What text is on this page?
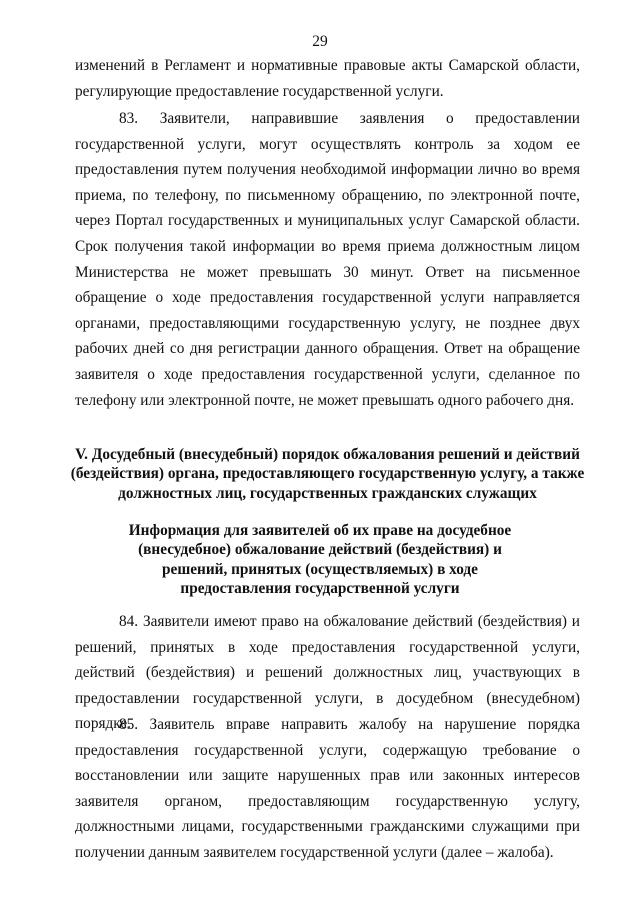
29

изменений в Регламент и нормативные правовые акты Самарской области, регулирующие предоставление государственной услуги.

83. Заявители, направившие заявления о предоставлении государственной услуги, могут осуществлять контроль за ходом ее предоставления путем получения необходимой информации лично во время приема, по телефону, по письменному обращению, по электронной почте, через Портал государственных и муниципальных услуг Самарской области. Срок получения такой информации во время приема должностным лицом Министерства не может превышать 30 минут. Ответ на письменное обращение о ходе предоставления государственной услуги направляется органами, предоставляющими государственную услугу, не позднее двух рабочих дней со дня регистрации данного обращения. Ответ на обращение заявителя о ходе предоставления государственной услуги, сделанное по телефону или электронной почте, не может превышать одного рабочего дня.

V. Досудебный (внесудебный) порядок обжалования решений и действий (бездействия) органа, предоставляющего государственную услугу, а также должностных лиц, государственных гражданских служащих

Информация для заявителей об их праве на досудебное (внесудебное) обжалование действий (бездействия) и решений, принятых (осуществляемых) в ходе предоставления государственной услуги

84. Заявители имеют право на обжалование действий (бездействия) и решений, принятых в ходе предоставления государственной услуги, действий (бездействия) и решений должностных лиц, участвующих в предоставлении государственной услуги, в досудебном (внесудебном) порядке.

85. Заявитель вправе направить жалобу на нарушение порядка предоставления государственной услуги, содержащую требование о восстановлении или защите нарушенных прав или законных интересов заявителя органом, предоставляющим государственную услугу, должностными лицами, государственными гражданскими служащими при получении данным заявителем государственной услуги (далее – жалоба).
